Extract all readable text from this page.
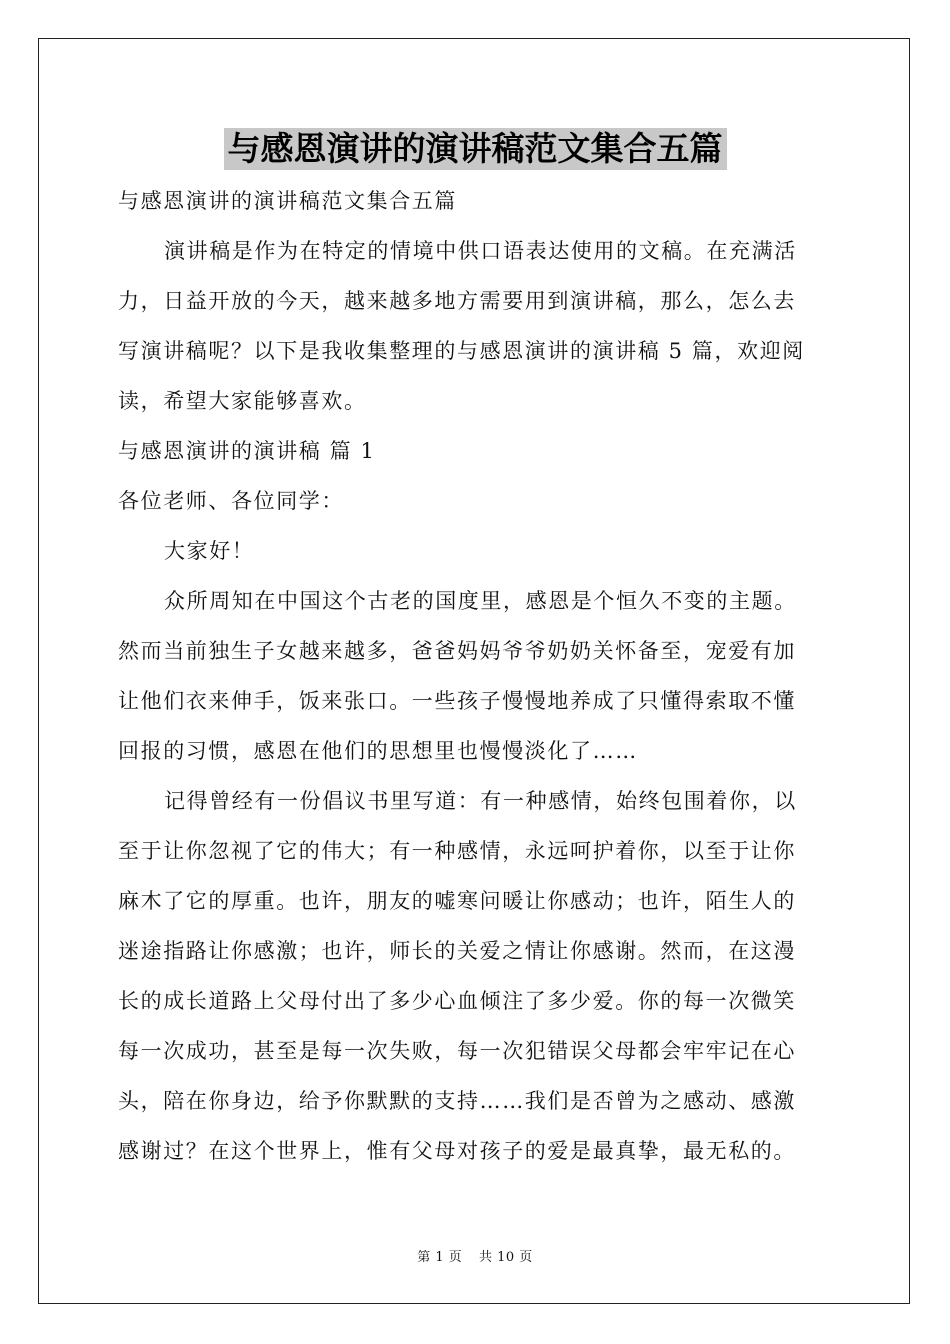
与感恩演讲的演讲稿范文集合五篇
与感恩演讲的演讲稿范文集合五篇
演讲稿是作为在特定的情境中供口语表达使用的文稿。在充满活
力，日益开放的今天，越来越多地方需要用到演讲稿，那么，怎么去
写演讲稿呢？以下是我收集整理的与感恩演讲的演讲稿 5 篇，欢迎阅
读，希望大家能够喜欢。
与感恩演讲的演讲稿 篇 1
各位老师、各位同学：
大家好！
众所周知在中国这个古老的国度里，感恩是个恒久不变的主题。
然而当前独生子女越来越多，爸爸妈妈爷爷奶奶关怀备至，宠爱有加
让他们衣来伸手，饭来张口。一些孩子慢慢地养成了只懂得索取不懂
回报的习惯，感恩在他们的思想里也慢慢淡化了……
记得曾经有一份倡议书里写道：有一种感情，始终包围着你，以
至于让你忽视了它的伟大；有一种感情，永远呵护着你，以至于让你
麻木了它的厚重。也许，朋友的嘘寒问暖让你感动；也许，陌生人的
迷途指路让你感激；也许，师长的关爱之情让你感谢。然而，在这漫
长的成长道路上父母付出了多少心血倾注了多少爱。你的每一次微笑
每一次成功，甚至是每一次失败，每一次犯错误父母都会牢牢记在心
头，陪在你身边，给予你默默的支持……我们是否曾为之感动、感激
感谢过？在这个世界上，惟有父母对孩子的爱是最真挚，最无私的。
第 1 页 共 10 页
